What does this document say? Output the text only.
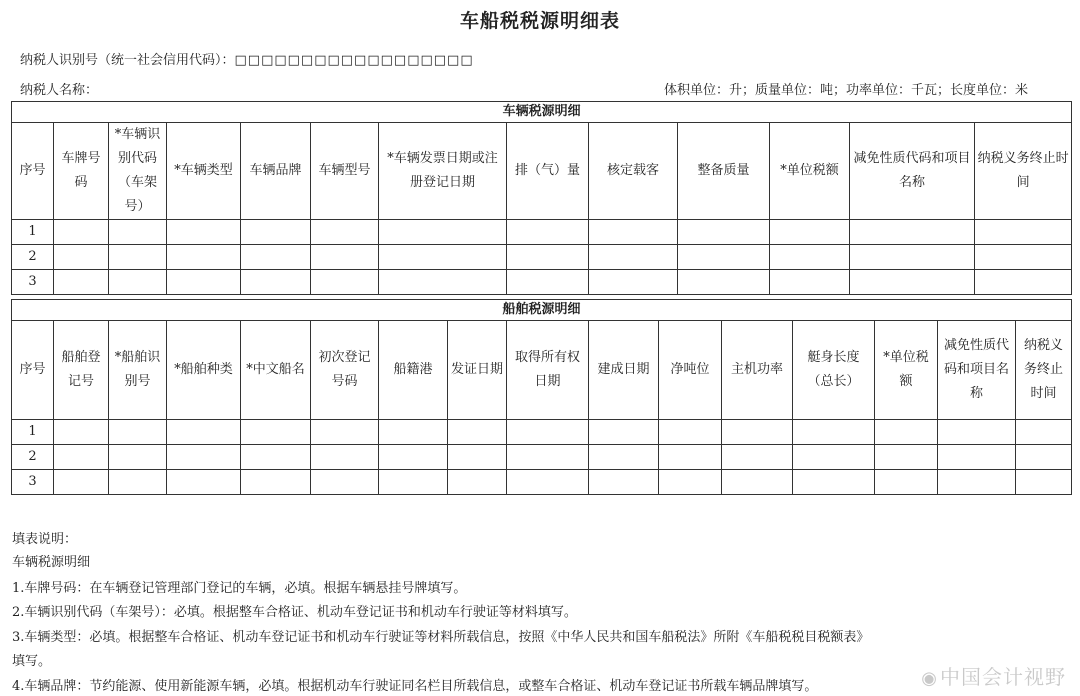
车船税税源明细表
纳税人识别号（统一社会信用代码）：□□□□□□□□□□□□□□□□□□
纳税人名称：	体积单位：升；质量单位：吨；功率单位：千瓦；长度单位：米
车辆税源明细												
序号	车牌号码	*车辆识别代码（车架号）	*车辆类型	车辆品牌	车辆型号	*车辆发票日期或注册登记日期	排（气）量	核定载客	整备质量	*单位税额	减免性质代码和项目名称	纳税义务终止时间
1												
2												
3												
船舶税源明细															
序号	船舶登记号	*船舶识别号	*船舶种类	*中文船名	初次登记号码	船籍港	发证日期	取得所有权日期	建成日期	净吨位	主机功率	艇身长度（总长）	*单位税额	减免性质代码和项目名称	纳税义务终止时间
1															
2															
3															
填表说明：
车辆税源明细
1.车牌号码：在车辆登记管理部门登记的车辆，必填。根据车辆悬挂号牌填写。
2.车辆识别代码（车架号）：必填。根据整车合格证、机动车登记证书和机动车行驶证等材料填写。
3.车辆类型：必填。根据整车合格证、机动车登记证书和机动车行驶证等材料所载信息，按照《中华人民共和国车船税法》所附《车船税税目税额表》
填写。
4.车辆品牌：节约能源、使用新能源车辆，必填。根据机动车行驶证同名栏目所载信息，或整车合格证、机动车登记证书所载车辆品牌填写。	◉ 中国会计视野
